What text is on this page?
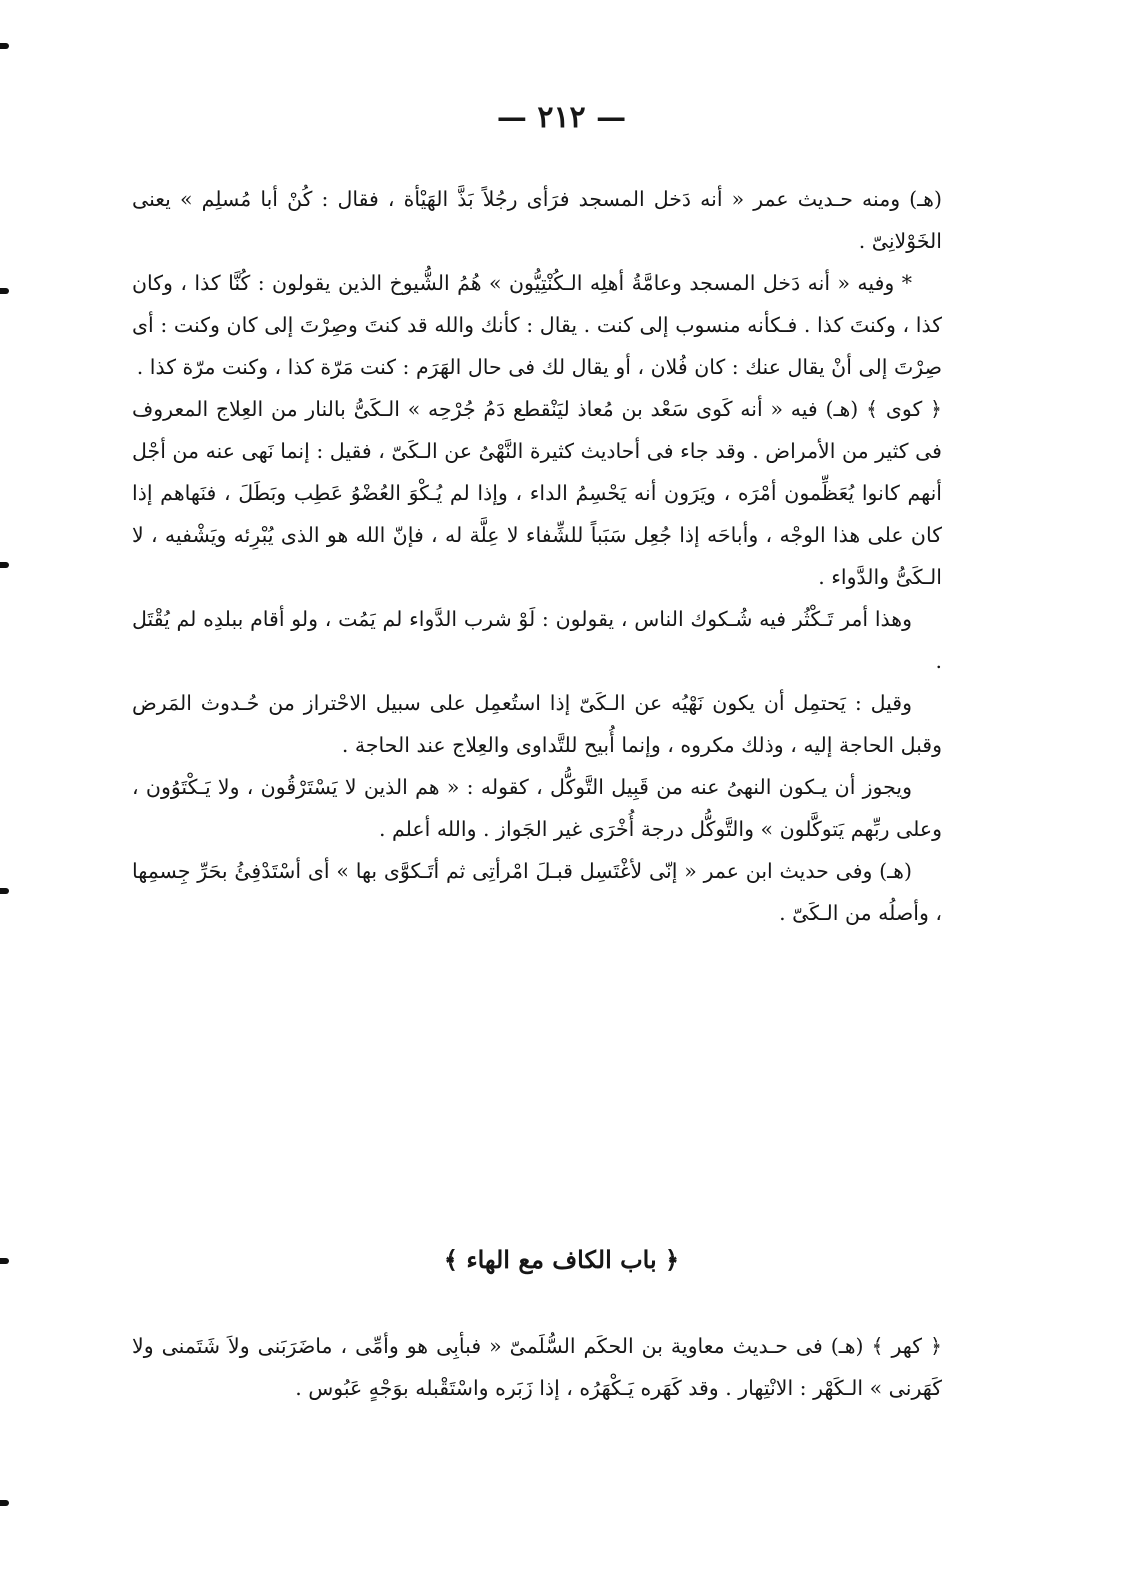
— ٢١٢ —

(هـ) ومنه حـديث عمر « أنه دَخل المسجد فرَأى رجُلاً بَذَّ الهَيْأة ، فقال : كُنْ أبا مُسلِم » يعنى الخَوْلانِىّ .

* وفيه « أنه دَخل المسجد وعامَّةُ أهلِه الـكُنْتِيُّون » هُمُ الشُّيوخ الذين يقولون : كُنَّا كذا ، وكان كذا ، وكنتَ كذا . فـكأنه منسوب إلى كنت . يقال : كأنك والله قد كنتَ وصِرْتَ إلى كان وكنت : أى صِرْتَ إلى أنْ يقال عنك : كان فُلان ، أو يقال لك فى حال الهَرَم : كنت مَرّة كذا ، وكنت مرّة كذا .

﴿ كوى ﴾ (هـ) فيه « أنه كَوى سَعْد بن مُعاذ ليَنْقطع دَمُ جُرْحِه » الـكَىُّ بالنار من العِلاج المعروف فى كثير من الأمراض . وقد جاء فى أحاديث كثيرة النَّهْىُ عن الـكَىّ ، فقيل : إنما نَهى عنه من أجْل أنهم كانوا يُعَظِّمون أمْرَه ، ويَرَون أنه يَحْسِمُ الداء ، وإذا لم يُـكْوَ العُضْوُ عَطِب وبَطَلَ ، فنَهاهم إذا كان على هذا الوجْه ، وأباحَه إذا جُعِل سَبَباً للشِّفاء لا عِلَّة له ، فإنّ الله هو الذى يُبْرِئه ويَشْفيه ، لا الـكَىُّ والدَّواء .

وهذا أمر تَـكْثُر فيه شُـكوك الناس ، يقولون : لَوْ شرب الدَّواء لم يَمُت ، ولو أقام ببلدِه لم يُقْتَل .

وقيل : يَحتمِل أن يكون نَهْيُه عن الـكَىّ إذا استُعمِل على سبيل الاحْتراز من حُـدوث المَرض وقبل الحاجة إليه ، وذلك مكروه ، وإنما أُبيح للتَّداوى والعِلاج عند الحاجة .

ويجوز أن يـكون النهىُ عنه من قَبِيل التَّوكُّل ، كقوله : « هم الذين لا يَسْتَرْقُون ، ولا يَـكْتَوُون ، وعلى ربِّهم يَتوكَّلون » والتَّوكُّل درجة أُخْرَى غير الجَواز . والله أعلم .

(هـ) وفى حديث ابن عمر « إنّى لأغْتَسِل قبـلَ امْرأتِى ثم أتَـكوَّى بها » أى أسْتَدْفِئُ بحَرِّ جِسمِها ، وأصلُه من الـكَىّ .

﴿ باب الكاف مع الهاء ﴾

﴿ كهر ﴾ (هـ) فى حـديث معاوية بن الحكَم السُّلَمىّ « فبأبِى هو وأمِّى ، ماضَرَبَنى ولاَ شَتَمنى ولا كَهَرنى » الـكَهْر : الانْتِهار . وقد كَهَره يَـكْهَرُه ، إذا زَبَره واسْتَقْبله بوَجْهٍ عَبُوس .
